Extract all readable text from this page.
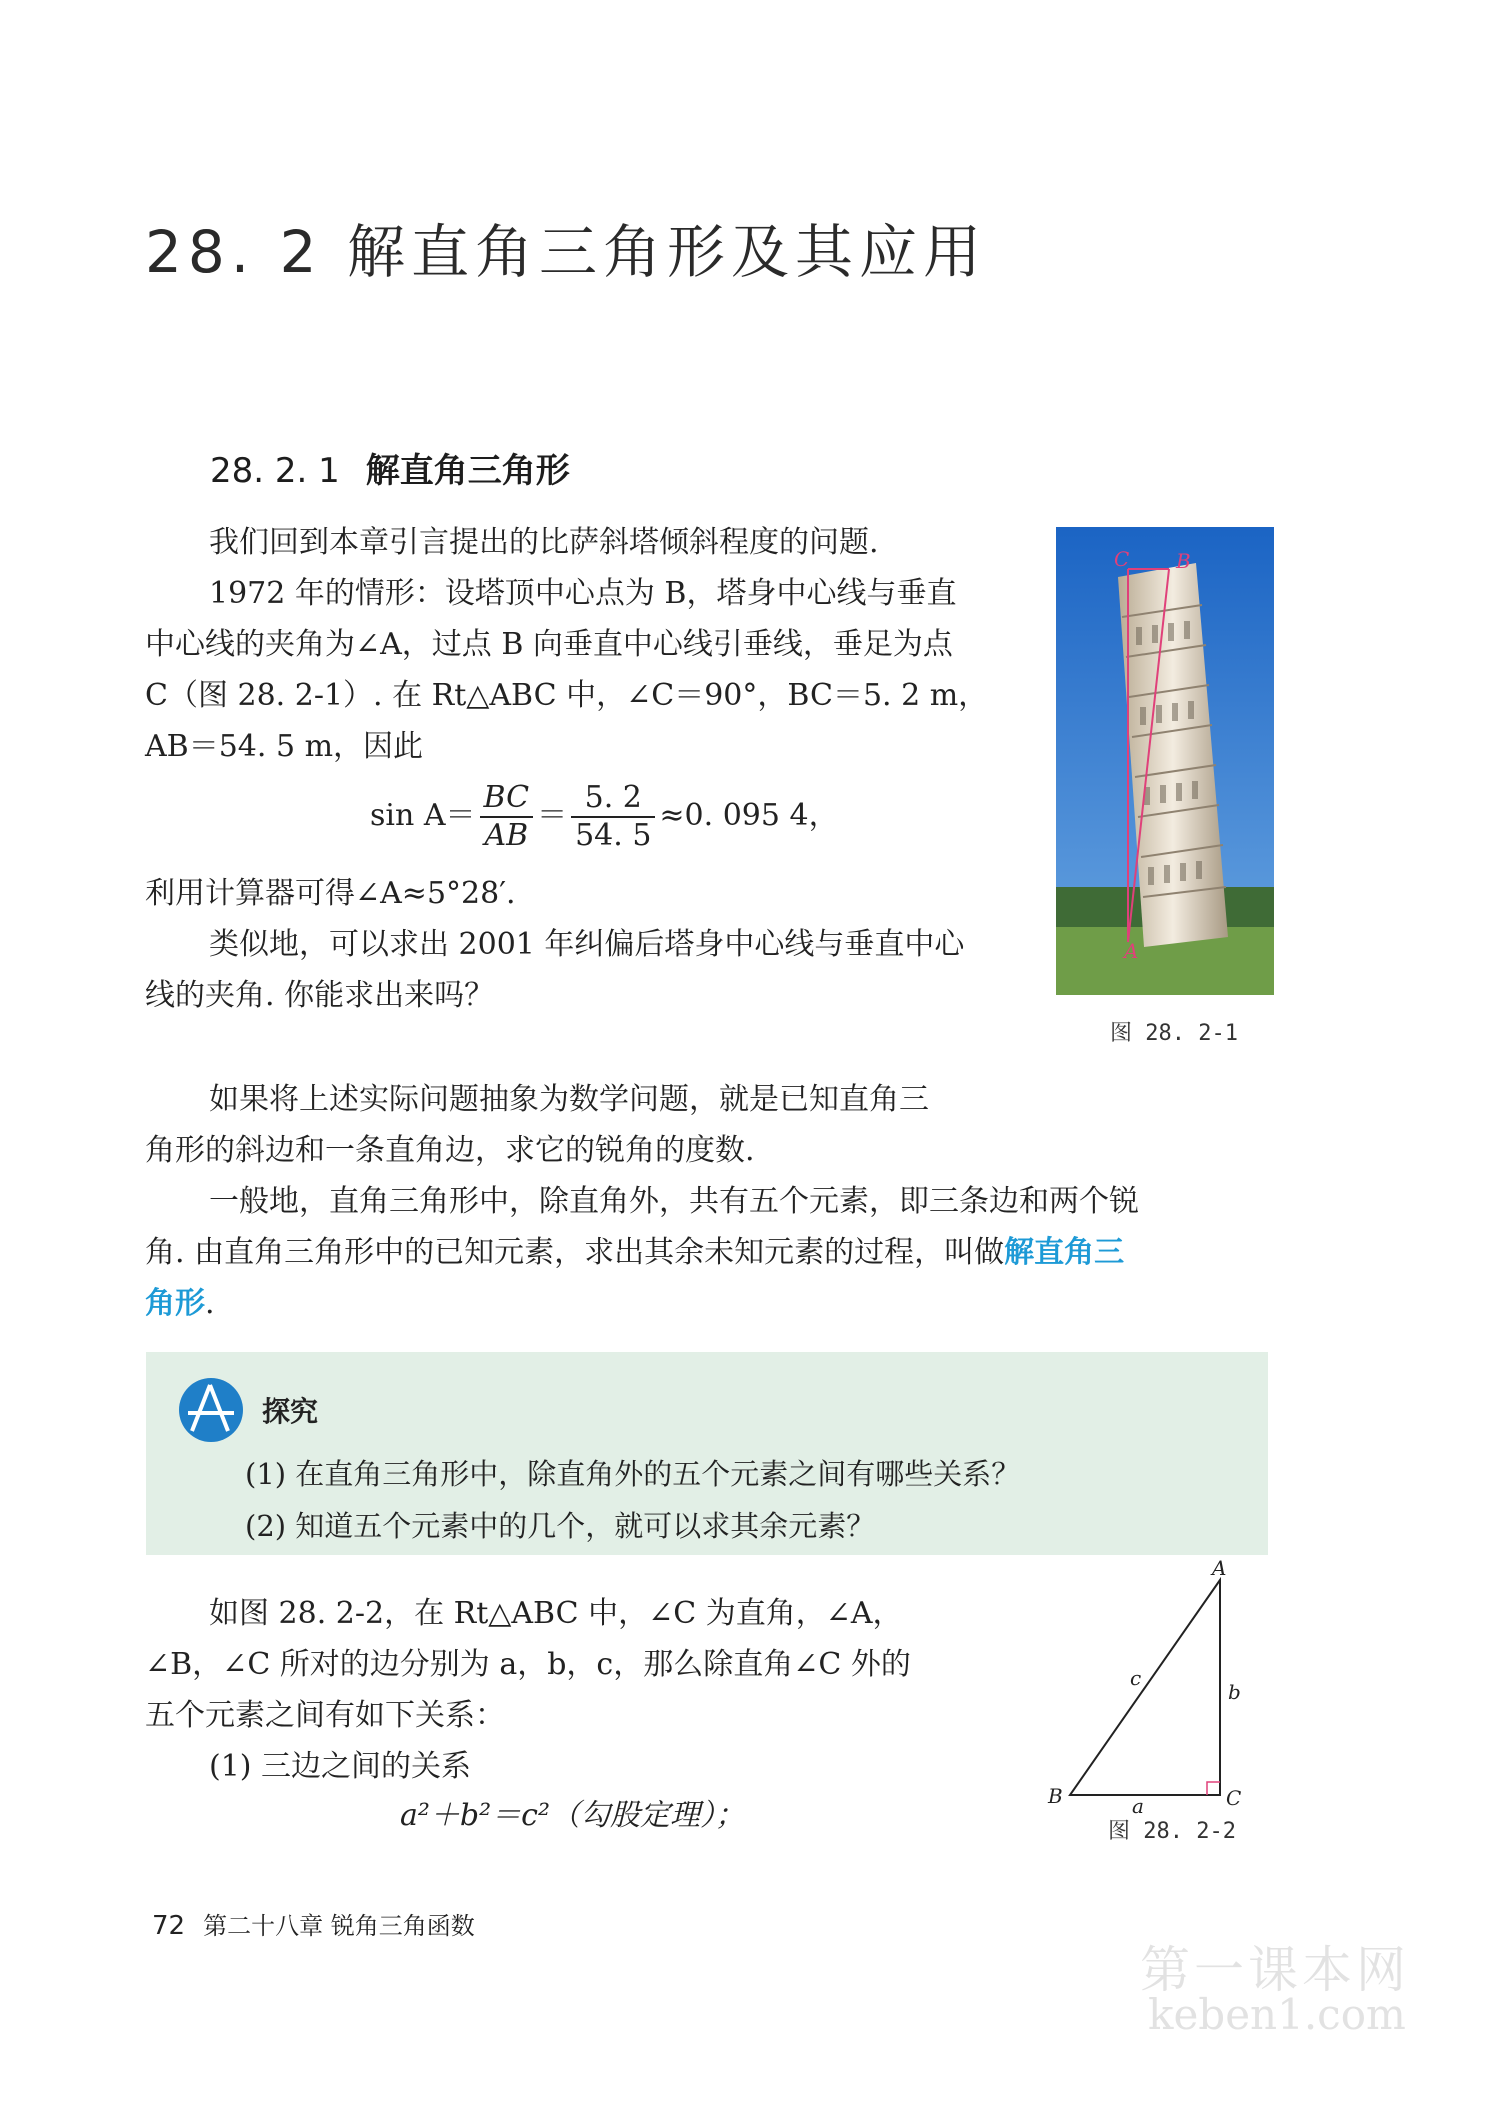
28. 2 解直角三角形及其应用
28. 2. 1 解直角三角形
我们回到本章引言提出的比萨斜塔倾斜程度的问题.
1972 年的情形：设塔顶中心点为 B，塔身中心线与垂直
中心线的夹角为∠A，过点 B 向垂直中心线引垂线，垂足为点
C（图 28. 2-1）. 在 Rt△ABC 中，∠C＝90°，BC＝5. 2 m，
AB＝54. 5 m，因此
$\sin A= \frac{BC}{AB} = \frac{5. 2}{54. 5} \approx 0$. 095 4，
利用计算器可得∠A≈5°28′.
类似地，可以求出 2001 年纠偏后塔身中心线与垂直中心
线的夹角. 你能求出来吗？
C B
A
图 28. 2-1
如果将上述实际问题抽象为数学问题，就是已知直角三
角形的斜边和一条直角边，求它的锐角的度数.
一般地，直角三角形中，除直角外，共有五个元素，即三条边和两个锐
角. 由直角三角形中的已知元素，求出其余未知元素的过程，叫做解直角三
角形.
探究
(1) 在直角三角形中，除直角外的五个元素之间有哪些关系？
(2) 知道五个元素中的几个，就可以求其余元素？
如图 28. 2-2，在 Rt△ABC 中，∠C 为直角，∠A，
∠B，∠C 所对的边分别为 a，b，c，那么除直角∠C 外的
五个元素之间有如下关系：
(1) 三边之间的关系
a²＋b²＝c²（勾股定理）；
A
B	C
c
b
a
图 28. 2-2
72 第二十八章 锐角三角函数
第一课本网
keben1.com
